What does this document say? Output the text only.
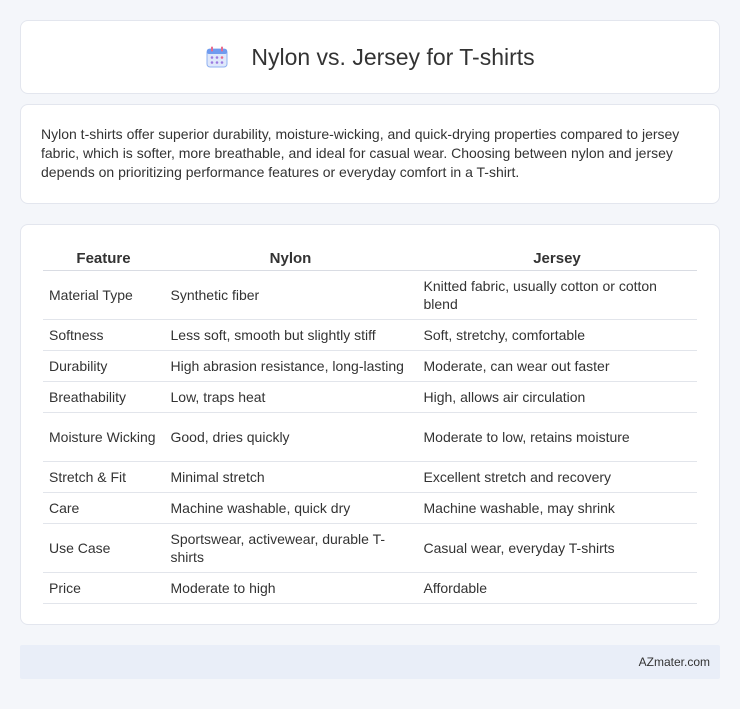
Nylon vs. Jersey for T-shirts

Nylon t-shirts offer superior durability, moisture-wicking, and quick-drying properties compared to jersey fabric, which is softer, more breathable, and ideal for casual wear. Choosing between nylon and jersey depends on prioritizing performance features or everyday comfort in a T-shirt.

Feature	Nylon	Jersey
Material Type	Synthetic fiber	Knitted fabric, usually cotton or cotton blend
Softness	Less soft, smooth but slightly stiff	Soft, stretchy, comfortable
Durability	High abrasion resistance, long-lasting	Moderate, can wear out faster
Breathability	Low, traps heat	High, allows air circulation
Moisture Wicking	Good, dries quickly	Moderate to low, retains moisture
Stretch & Fit	Minimal stretch	Excellent stretch and recovery
Care	Machine washable, quick dry	Machine washable, may shrink
Use Case	Sportswear, activewear, durable T-shirts	Casual wear, everyday T-shirts
Price	Moderate to high	Affordable
AZmater.com
